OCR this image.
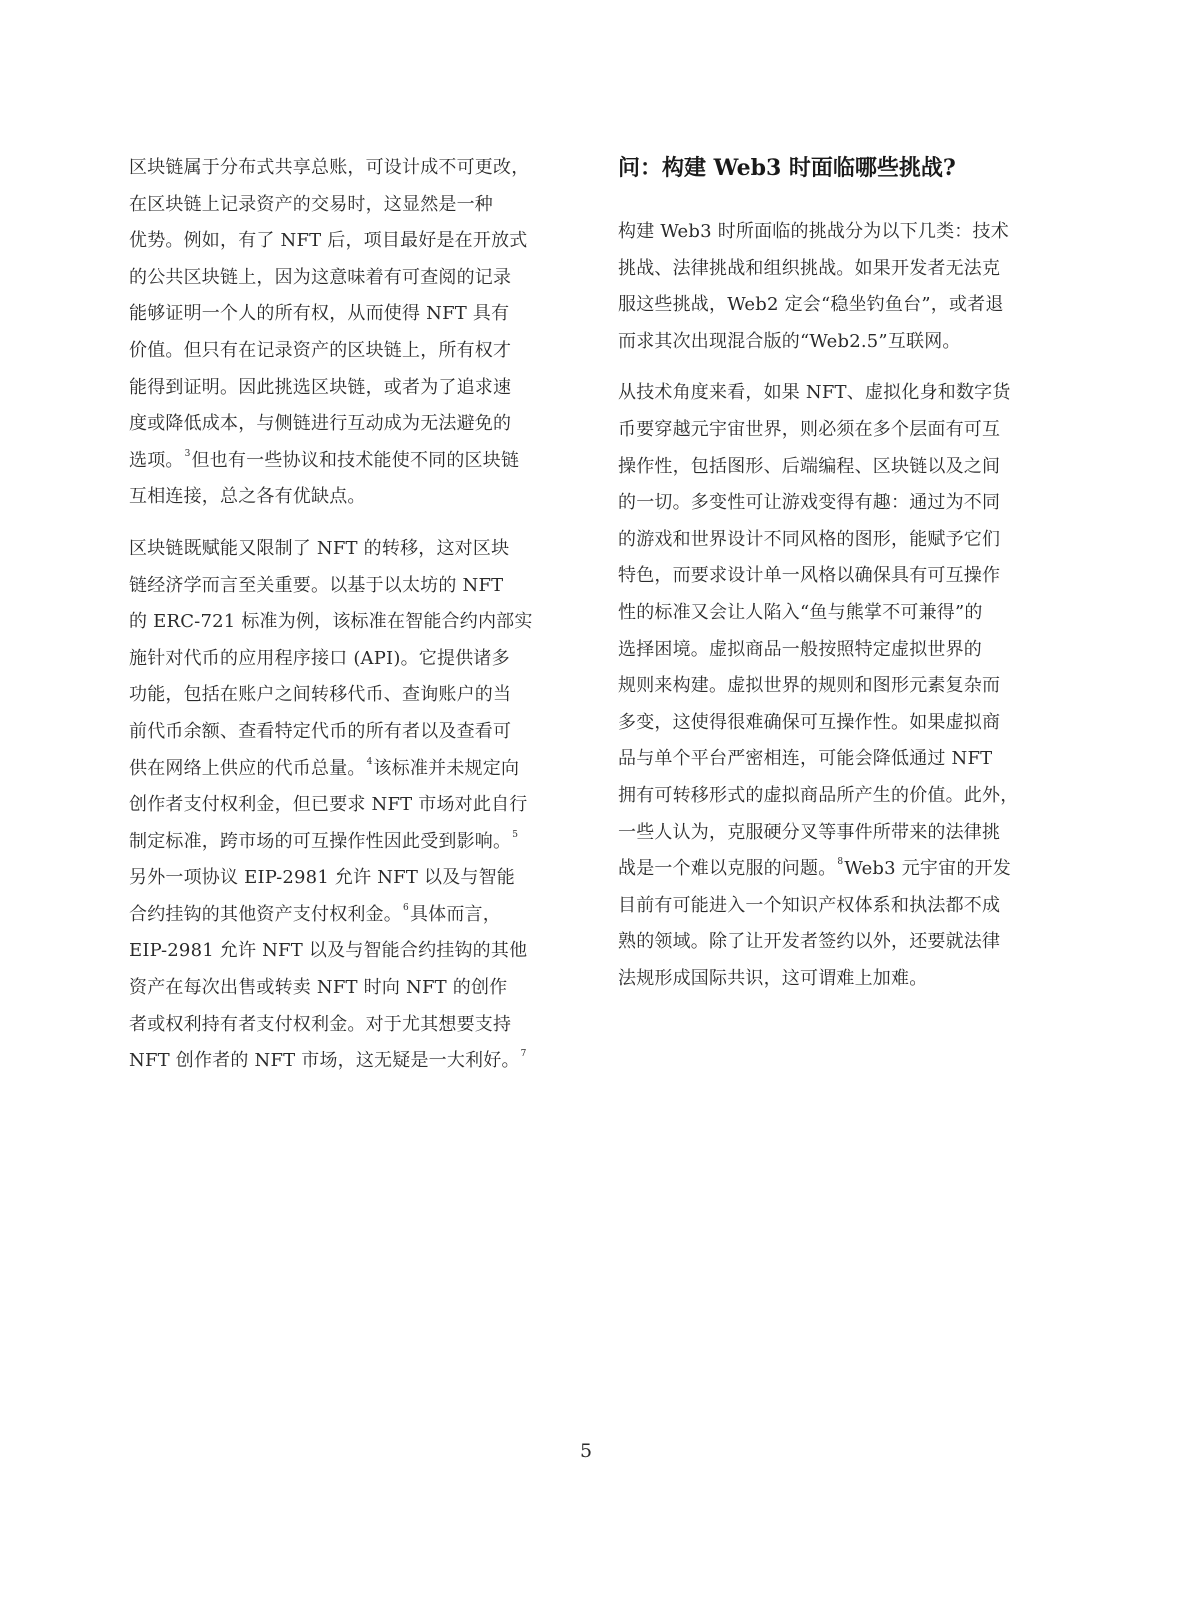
区块链属于分布式共享总账，可设计成不可更改，
在区块链上记录资产的交易时，这显然是一种
优势。例如，有了 NFT 后，项目最好是在开放式
的公共区块链上，因为这意味着有可查阅的记录
能够证明一个人的所有权，从而使得 NFT 具有
价值。但只有在记录资产的区块链上，所有权才
能得到证明。因此挑选区块链，或者为了追求速
度或降低成本，与侧链进行互动成为无法避免的
选项。$^3$但也有一些协议和技术能使不同的区块链
互相连接，总之各有优缺点。
区块链既赋能又限制了 NFT 的转移，这对区块
链经济学而言至关重要。以基于以太坊的 NFT
的 ERC-721 标准为例，该标准在智能合约内部实
施针对代币的应用程序接口 (API)。它提供诸多
功能，包括在账户之间转移代币、查询账户的当
前代币余额、查看特定代币的所有者以及查看可
供在网络上供应的代币总量。$^4$该标准并未规定向
创作者支付权利金，但已要求 NFT 市场对此自行
制定标准，跨市场的可互操作性因此受到影响。$^5$
另外一项协议 EIP-2981 允许 NFT 以及与智能
合约挂钩的其他资产支付权利金。$^6$具体而言，
EIP-2981 允许 NFT 以及与智能合约挂钩的其他
资产在每次出售或转卖 NFT 时向 NFT 的创作
者或权利持有者支付权利金。对于尤其想要支持
NFT 创作者的 NFT 市场，这无疑是一大利好。$^7$
问：构建 Web3 时面临哪些挑战?
构建 Web3 时所面临的挑战分为以下几类：技术
挑战、法律挑战和组织挑战。如果开发者无法克
服这些挑战，Web2 定会“稳坐钓鱼台”，或者退
而求其次出现混合版的“Web2.5”互联网。
从技术角度来看，如果 NFT、虚拟化身和数字货
币要穿越元宇宙世界，则必须在多个层面有可互
操作性，包括图形、后端编程、区块链以及之间
的一切。多变性可让游戏变得有趣：通过为不同
的游戏和世界设计不同风格的图形，能赋予它们
特色，而要求设计单一风格以确保具有可互操作
性的标准又会让人陷入“鱼与熊掌不可兼得”的
选择困境。虚拟商品一般按照特定虚拟世界的
规则来构建。虚拟世界的规则和图形元素复杂而
多变，这使得很难确保可互操作性。如果虚拟商
品与单个平台严密相连，可能会降低通过 NFT
拥有可转移形式的虚拟商品所产生的价值。此外，
一些人认为，克服硬分叉等事件所带来的法律挑
战是一个难以克服的问题。$^8$Web3 元宇宙的开发
目前有可能进入一个知识产权体系和执法都不成
熟的领域。除了让开发者签约以外，还要就法律
法规形成国际共识，这可谓难上加难。
5
